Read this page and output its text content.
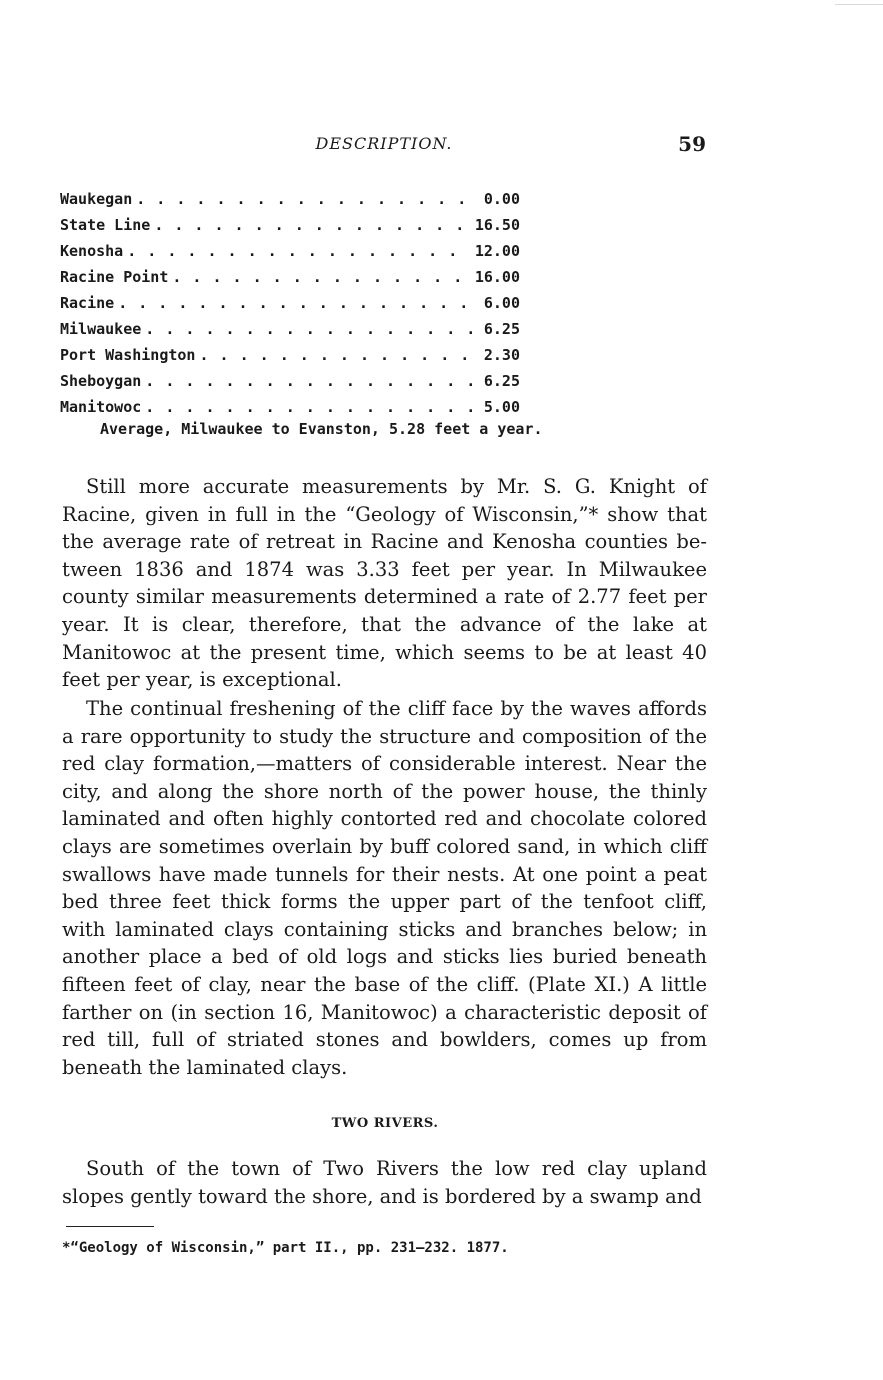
DESCRIPTION.	59
Waukegan . . .	0.00
State Line . . .	16.50
Kenosha . . .	12.00
Racine Point . . .	16.00
Racine . . .	6.00
Milwaukee . . .	6.25
Port Washington . . .	2.30
Sheboygan . . .	6.25
Manitowoc . . .	5.00
Average, Milwaukee to Evanston, 5.28 feet a year.

Still more accurate measurements by Mr. S. G. Knight of Racine, given in full in the “Geology of Wisconsin,”* show that the average rate of retreat in Racine and Kenosha counties between 1836 and 1874 was 3.33 feet per year. In Milwaukee county similar measurements determined a rate of 2.77 feet per year. It is clear, therefore, that the advance of the lake at Manitowoc at the present time, which seems to be at least 40 feet per year, is exceptional.

The continual freshening of the cliff face by the waves affords a rare opportunity to study the structure and composition of the red clay formation,—matters of considerable interest. Near the city, and along the shore north of the power house, the thinly laminated and often highly contorted red and chocolate colored clays are sometimes overlain by buff colored sand, in which cliff swallows have made tunnels for their nests. At one point a peat bed three feet thick forms the upper part of the tenfoot cliff, with laminated clays containing sticks and branches below; in another place a bed of old logs and sticks lies buried beneath fifteen feet of clay, near the base of the cliff. (Plate XI.) A little farther on (in section 16, Manitowoc) a characteristic deposit of red till, full of striated stones and bowlders, comes up from beneath the laminated clays.

TWO RIVERS.

South of the town of Two Rivers the low red clay upland slopes gently toward the shore, and is bordered by a swamp and

*“Geology of Wisconsin,” part II., pp. 231–232. 1877.
